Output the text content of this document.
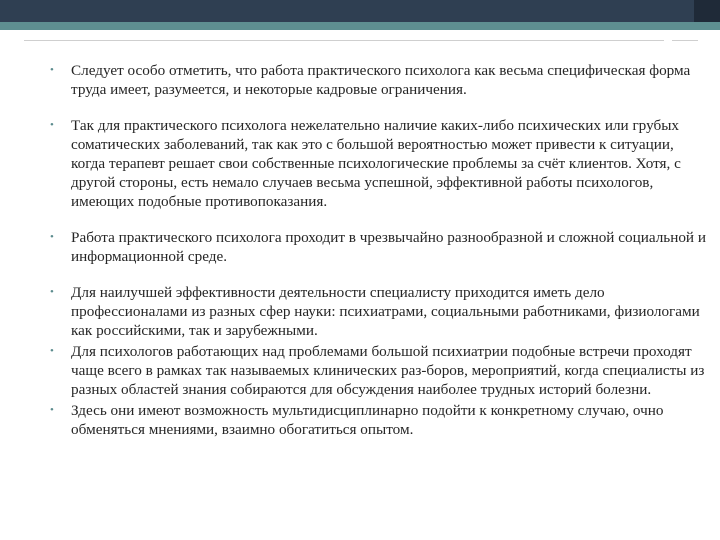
• Следует особо отметить, что работа практического психолога как весьма специфическая форма труда имеет, разумеется, и некоторые кадровые ограничения.
• Так для практического психолога нежелательно наличие каких-либо психических или грубых соматических заболеваний, так как это с большой вероятностью может привести к ситуации, когда терапевт решает свои собственные психологические проблемы за счёт клиентов. Хотя, с другой стороны, есть немало случаев весьма успешной, эффективной работы психологов, имеющих подобные противопоказания.
• Работа практического психолога проходит в чрезвычайно разнообразной и сложной социальной и информационной среде.
• Для наилучшей эффективности деятельности специалисту приходится иметь дело профессионалами из разных сфер науки: психиатрами, социальными работниками, физиологами как российскими, так и зарубежными.
• Для психологов работающих над проблемами большой психиатрии подобные встречи проходят чаще всего в рамках так называемых клинических раз-боров, мероприятий, когда специалисты из разных областей знания собираются для обсуждения наиболее трудных историй болезни.
• Здесь они имеют возможность мультидисциплинарно подойти к конкретному случаю, очно обменяться мнениями, взаимно обогатиться опытом.
